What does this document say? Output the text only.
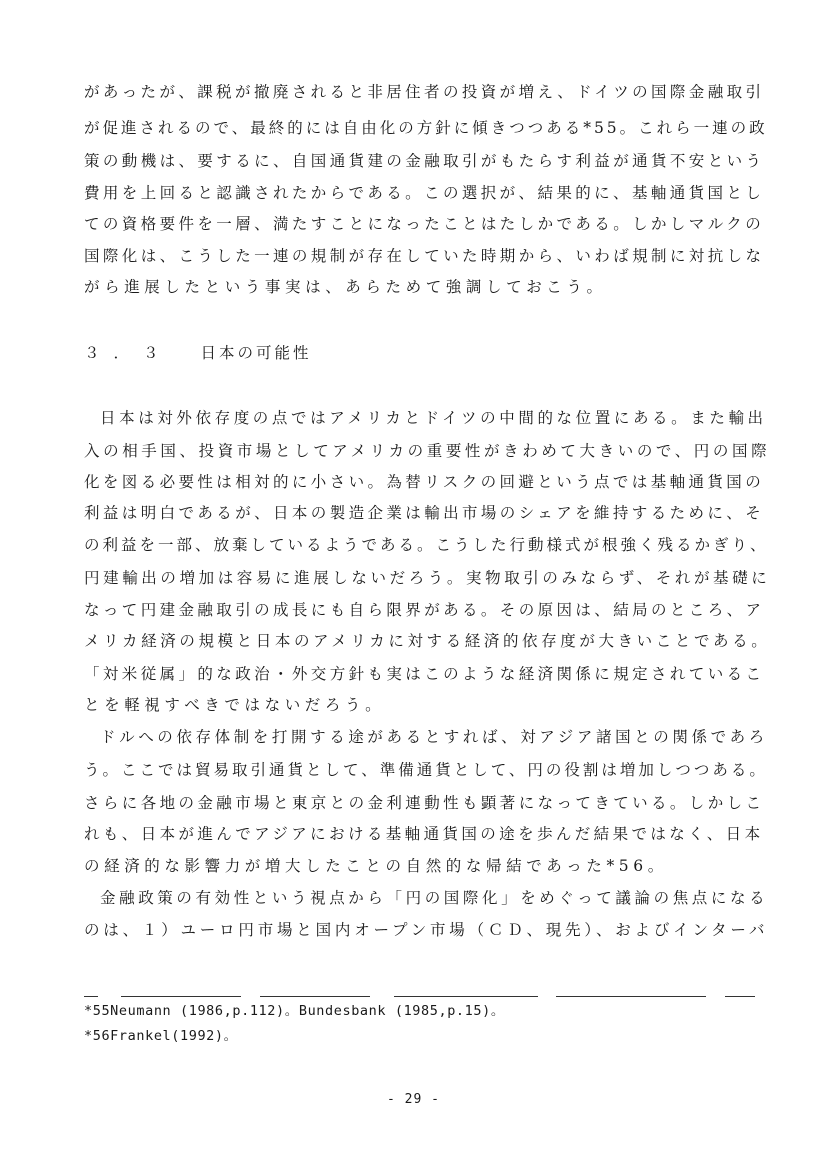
があったが、課税が撤廃されると非居住者の投資が増え、ドイツの国際金融取引
が促進されるので、最終的には自由化の方針に傾きつつある*55。これら一連の政
策の動機は、要するに、自国通貨建の金融取引がもたらす利益が通貨不安という
費用を上回ると認識されたからである。この選択が、結果的に、基軸通貨国とし
ての資格要件を一層、満たすことになったことはたしかである。しかしマルクの
国際化は、こうした一連の規制が存在していた時期から、いわば規制に対抗しな
がら進展したという事実は、あらためて強調しておこう。
３．３ 日本の可能性
日本は対外依存度の点ではアメリカとドイツの中間的な位置にある。また輸出
入の相手国、投資市場としてアメリカの重要性がきわめて大きいので、円の国際
化を図る必要性は相対的に小さい。為替リスクの回避という点では基軸通貨国の
利益は明白であるが、日本の製造企業は輸出市場のシェアを維持するために、そ
の利益を一部、放棄しているようである。こうした行動様式が根強く残るかぎり、
円建輸出の増加は容易に進展しないだろう。実物取引のみならず、それが基礎に
なって円建金融取引の成長にも自ら限界がある。その原因は、結局のところ、ア
メリカ経済の規模と日本のアメリカに対する経済的依存度が大きいことである。
「対米従属」的な政治・外交方針も実はこのような経済関係に規定されているこ
とを軽視すべきではないだろう。
ドルへの依存体制を打開する途があるとすれば、対アジア諸国との関係であろ
う。ここでは貿易取引通貨として、準備通貨として、円の役割は増加しつつある。
さらに各地の金融市場と東京との金利連動性も顕著になってきている。しかしこ
れも、日本が進んでアジアにおける基軸通貨国の途を歩んだ結果ではなく、日本
の経済的な影響力が増大したことの自然的な帰結であった*56。
金融政策の有効性という視点から「円の国際化」をめぐって議論の焦点になる
のは、１）ユーロ円市場と国内オープン市場（ＣＤ、現先）、およびインターバ
*55Neumann (1986,p.112)。Bundesbank (1985,p.15)。
*56Frankel(1992)。
- 29 -
